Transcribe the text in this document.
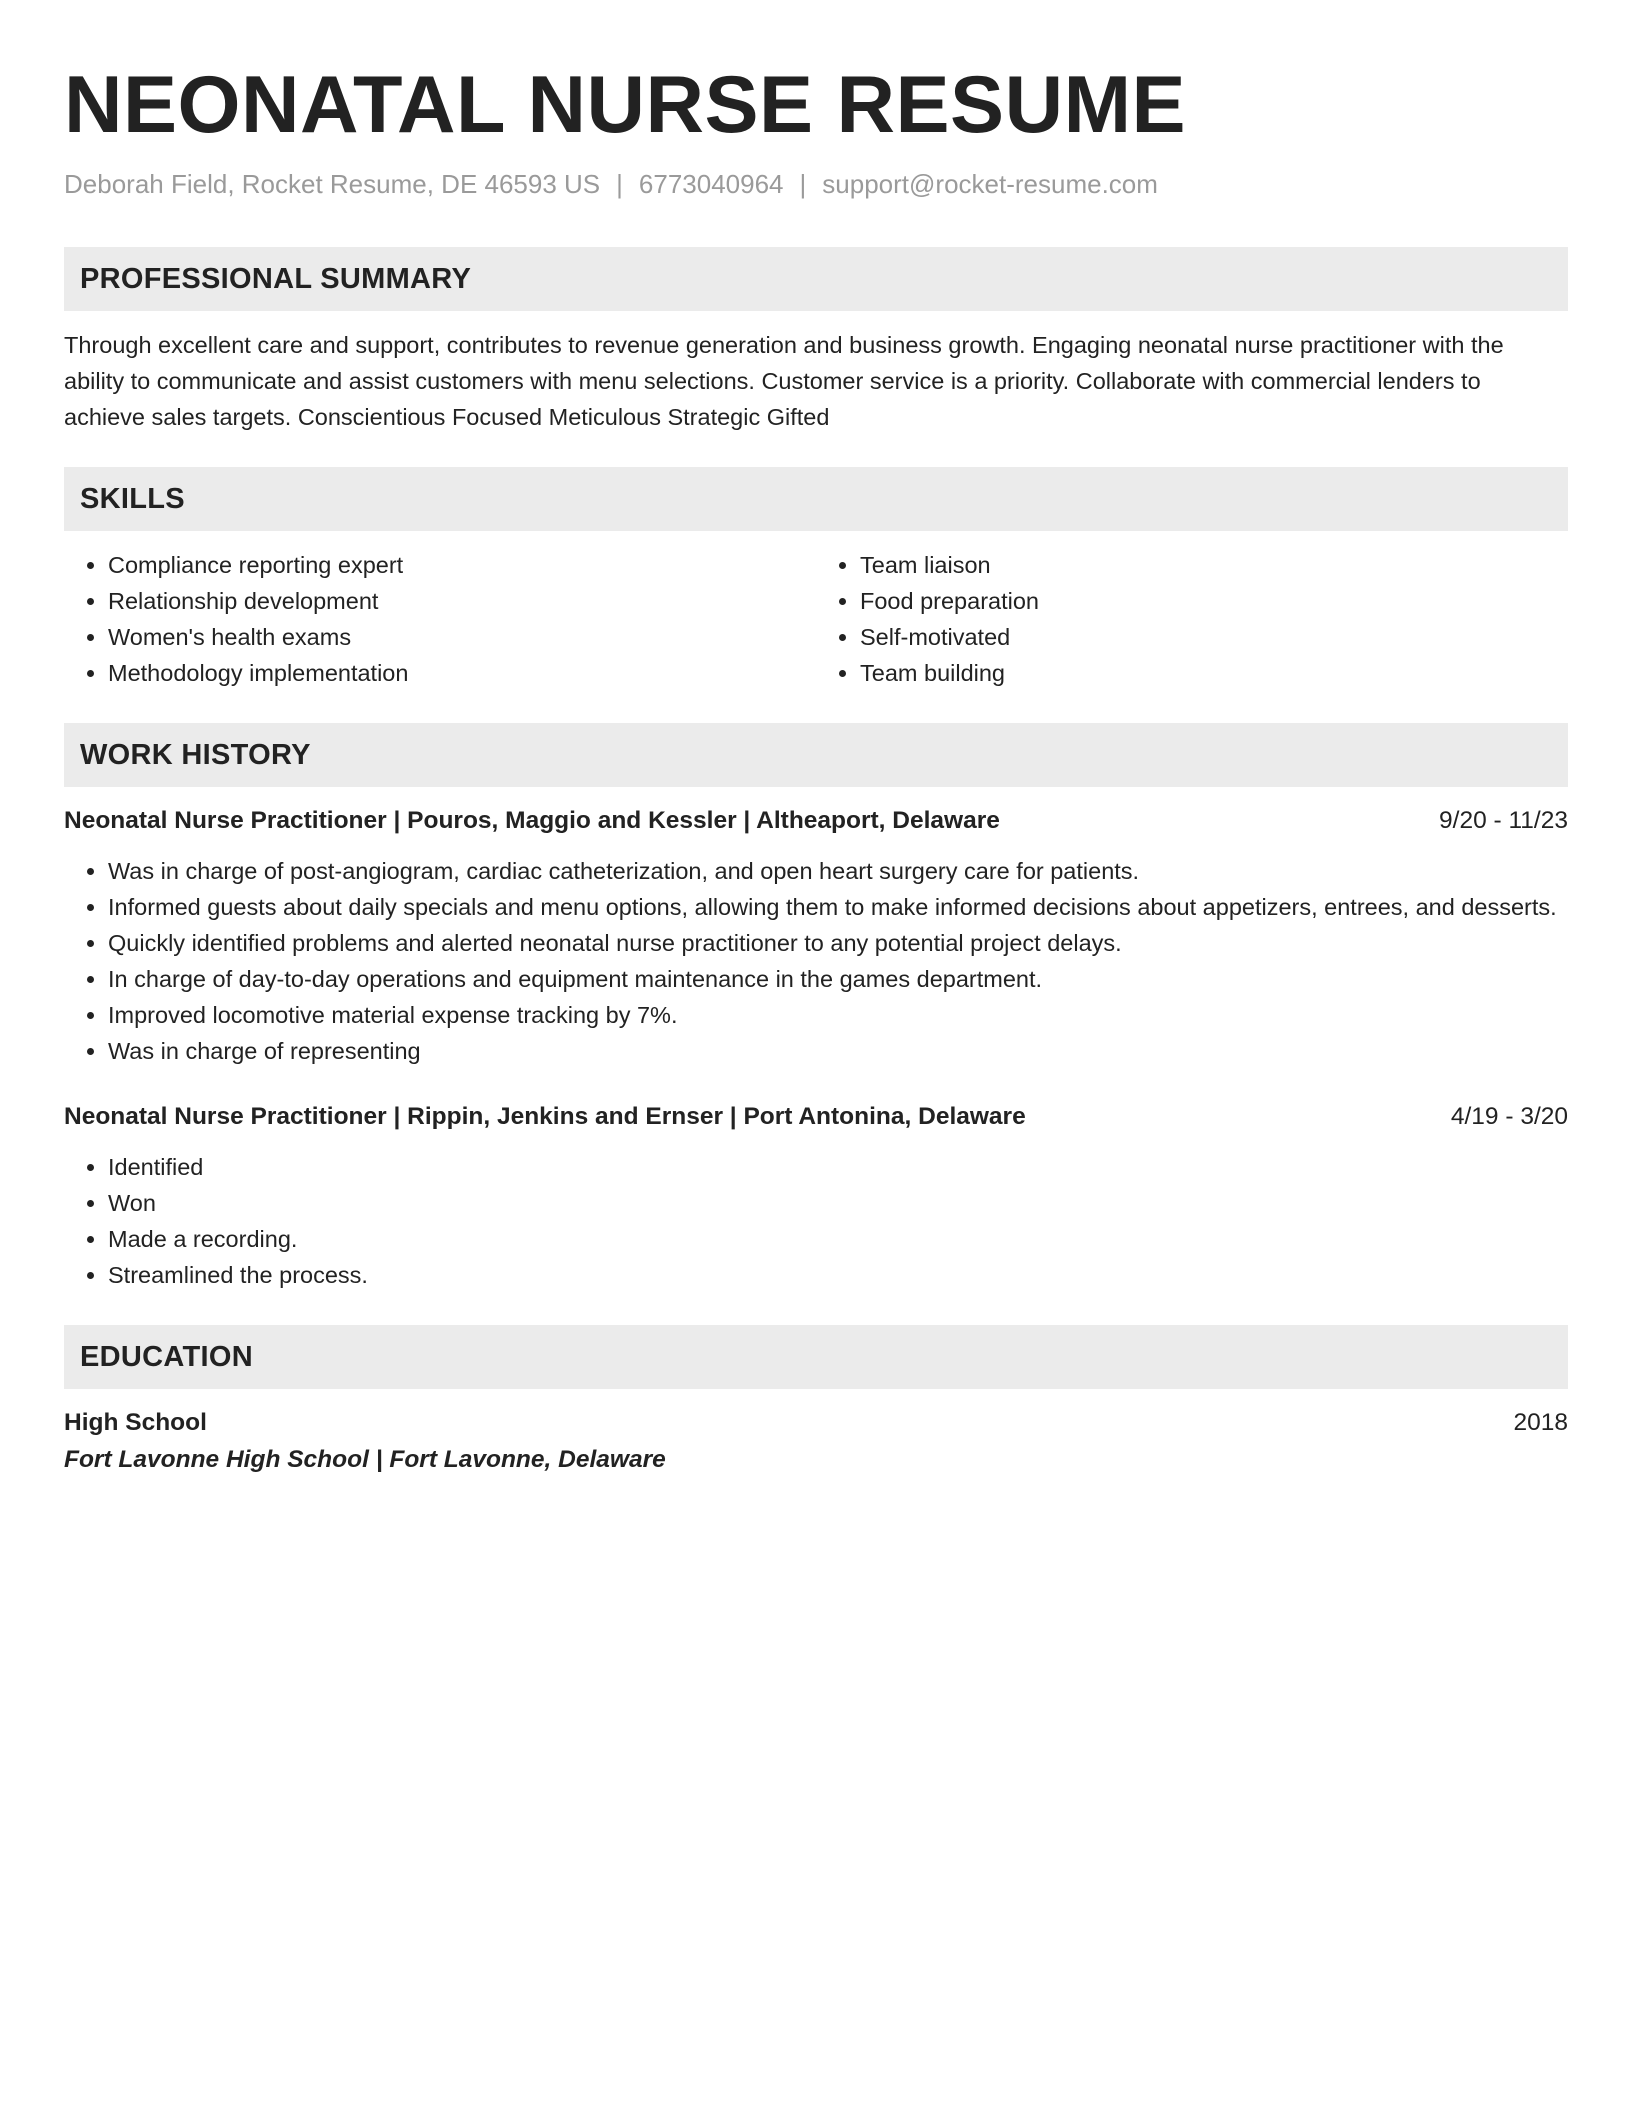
NEONATAL NURSE RESUME
Deborah Field, Rocket Resume, DE 46593 US | 6773040964 | support@rocket-resume.com
PROFESSIONAL SUMMARY
Through excellent care and support, contributes to revenue generation and business growth. Engaging neonatal nurse practitioner with the ability to communicate and assist customers with menu selections. Customer service is a priority. Collaborate with commercial lenders to achieve sales targets. Conscientious Focused Meticulous Strategic Gifted
SKILLS
• Compliance reporting expert
• Relationship development
• Women's health exams
• Methodology implementation
• Team liaison
• Food preparation
• Self-motivated
• Team building
WORK HISTORY
Neonatal Nurse Practitioner | Pouros, Maggio and Kessler | Altheaport, Delaware	9/20 - 11/23
• Was in charge of post-angiogram, cardiac catheterization, and open heart surgery care for patients.
• Informed guests about daily specials and menu options, allowing them to make informed decisions about appetizers, entrees, and desserts.
• Quickly identified problems and alerted neonatal nurse practitioner to any potential project delays.
• In charge of day-to-day operations and equipment maintenance in the games department.
• Improved locomotive material expense tracking by 7%.
• Was in charge of representing
Neonatal Nurse Practitioner | Rippin, Jenkins and Ernser | Port Antonina, Delaware	4/19 - 3/20
• Identified
• Won
• Made a recording.
• Streamlined the process.
EDUCATION
High School	2018
Fort Lavonne High School | Fort Lavonne, Delaware
